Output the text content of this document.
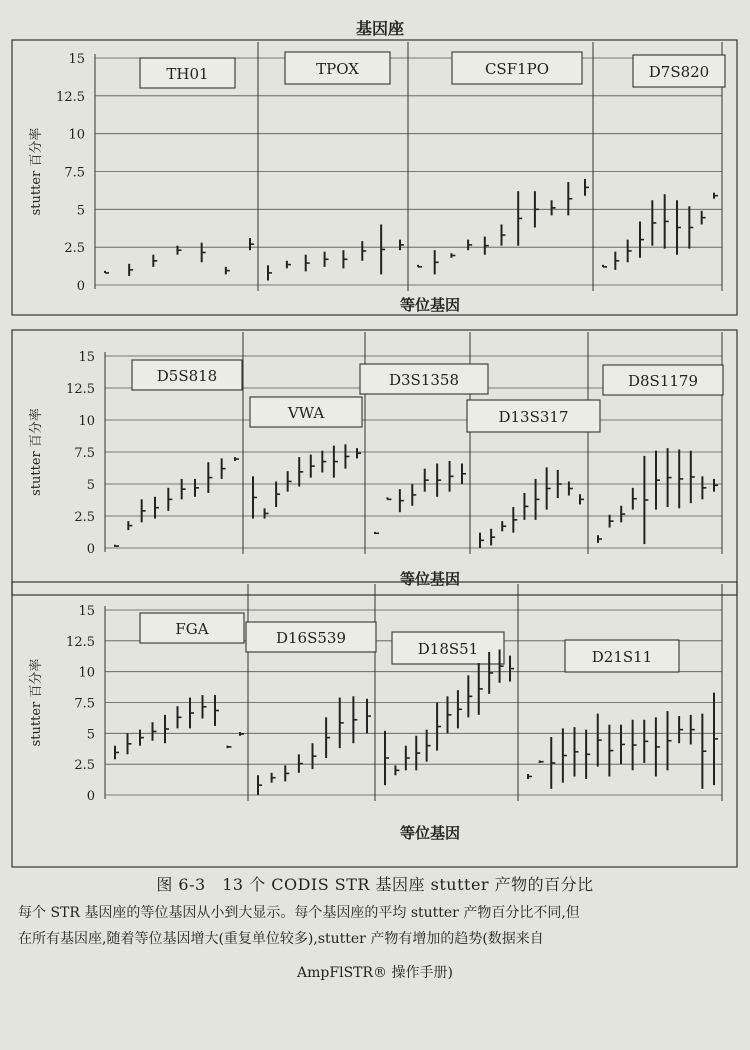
基因座
15
12.5
10
7.5
5
2.5
0
stutter 百分率
TH01	TPOX	CSF1PO	D7S820
等位基因
15
12.5
10
7.5
5
2.5
0
stutter 百分率
D5S818
VWA
D3S1358
D13S317
D8S1179
等位基因
15
12.5
10
7.5
5
2.5
0
stutter 百分率
FGA	D16S539
D18S51	D21S11
等位基因
图 6-3　13 个 CODIS STR 基因座 stutter 产物的百分比
每个 STR 基因座的等位基因从小到大显示。每个基因座的平均 stutter 产物百分比不同,但
在所有基因座,随着等位基因增大(重复单位较多),stutter 产物有增加的趋势(数据来自
AmpFlSTR® 操作手册)
